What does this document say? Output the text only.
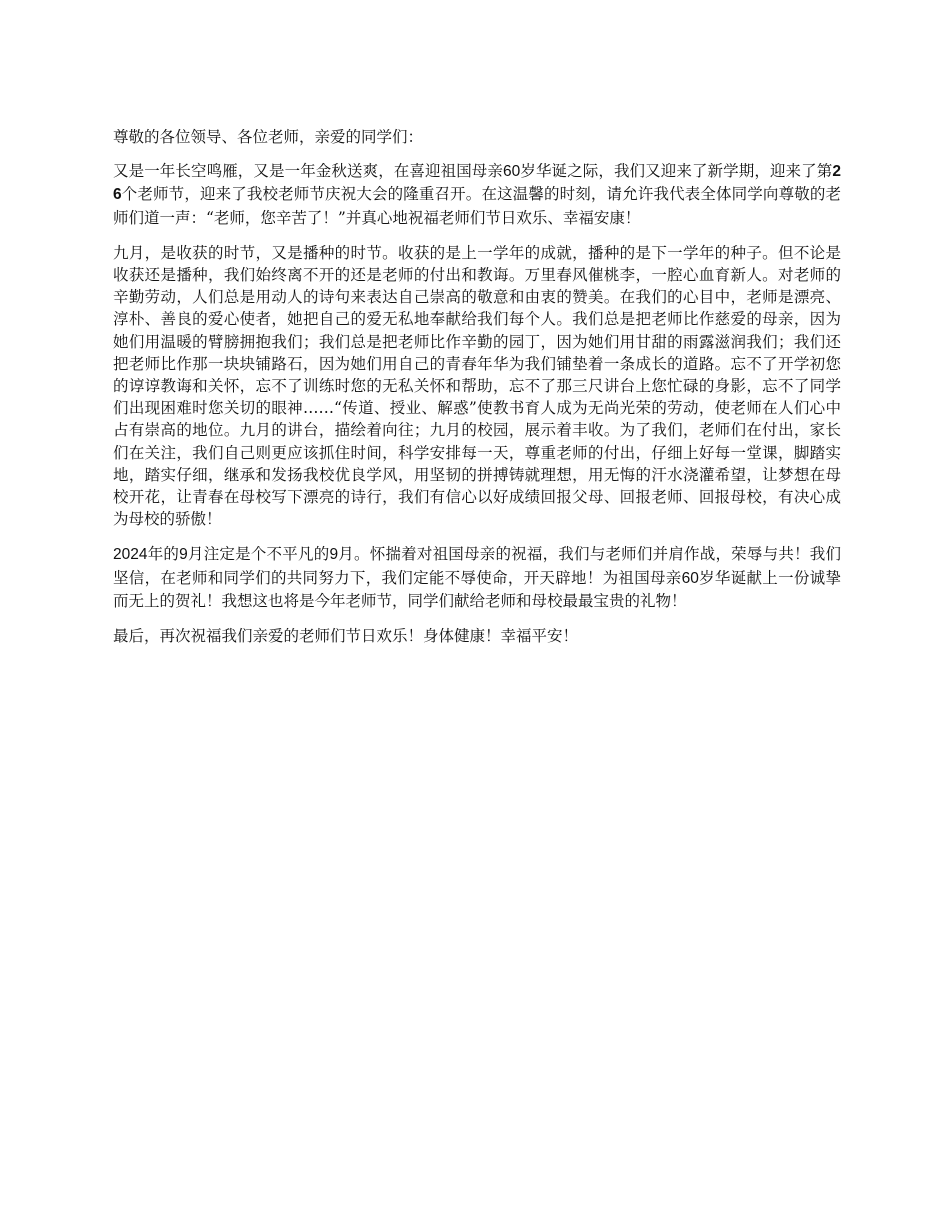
尊敬的各位领导、各位老师，亲爱的同学们：

又是一年长空鸣雁，又是一年金秋送爽，在喜迎祖国母亲60岁华诞之际，我们又迎来了新学期，迎来了第26个老师节，迎来了我校老师节庆祝大会的隆重召开。在这温馨的时刻，请允许我代表全体同学向尊敬的老师们道一声：“老师，您辛苦了！”并真心地祝福老师们节日欢乐、幸福安康！

九月，是收获的时节，又是播种的时节。收获的是上一学年的成就，播种的是下一学年的种子。但不论是收获还是播种，我们始终离不开的还是老师的付出和教诲。万里春风催桃李，一腔心血育新人。对老师的辛勤劳动，人们总是用动人的诗句来表达自己崇高的敬意和由衷的赞美。在我们的心目中，老师是漂亮、淳朴、善良的爱心使者，她把自己的爱无私地奉献给我们每个人。我们总是把老师比作慈爱的母亲，因为她们用温暖的臂膀拥抱我们；我们总是把老师比作辛勤的园丁，因为她们用甘甜的雨露滋润我们；我们还把老师比作那一块块铺路石，因为她们用自己的青春年华为我们铺垫着一条成长的道路。忘不了开学初您的谆谆教诲和关怀，忘不了训练时您的无私关怀和帮助，忘不了那三尺讲台上您忙碌的身影，忘不了同学们出现困难时您关切的眼神……“传道、授业、解惑”使教书育人成为无尚光荣的劳动，使老师在人们心中占有崇高的地位。九月的讲台，描绘着向往；九月的校园，展示着丰收。为了我们，老师们在付出，家长们在关注，我们自己则更应该抓住时间，科学安排每一天，尊重老师的付出，仔细上好每一堂课，脚踏实地，踏实仔细，继承和发扬我校优良学风，用坚韧的拼搏铸就理想，用无悔的汗水浇灌希望，让梦想在母校开花，让青春在母校写下漂亮的诗行，我们有信心以好成绩回报父母、回报老师、回报母校，有决心成为母校的骄傲！

2024年的9月注定是个不平凡的9月。怀揣着对祖国母亲的祝福，我们与老师们并肩作战，荣辱与共！我们坚信，在老师和同学们的共同努力下，我们定能不辱使命，开天辟地！为祖国母亲60岁华诞献上一份诚挚而无上的贺礼！我想这也将是今年老师节，同学们献给老师和母校最最宝贵的礼物！

最后，再次祝福我们亲爱的老师们节日欢乐！身体健康！幸福平安！
